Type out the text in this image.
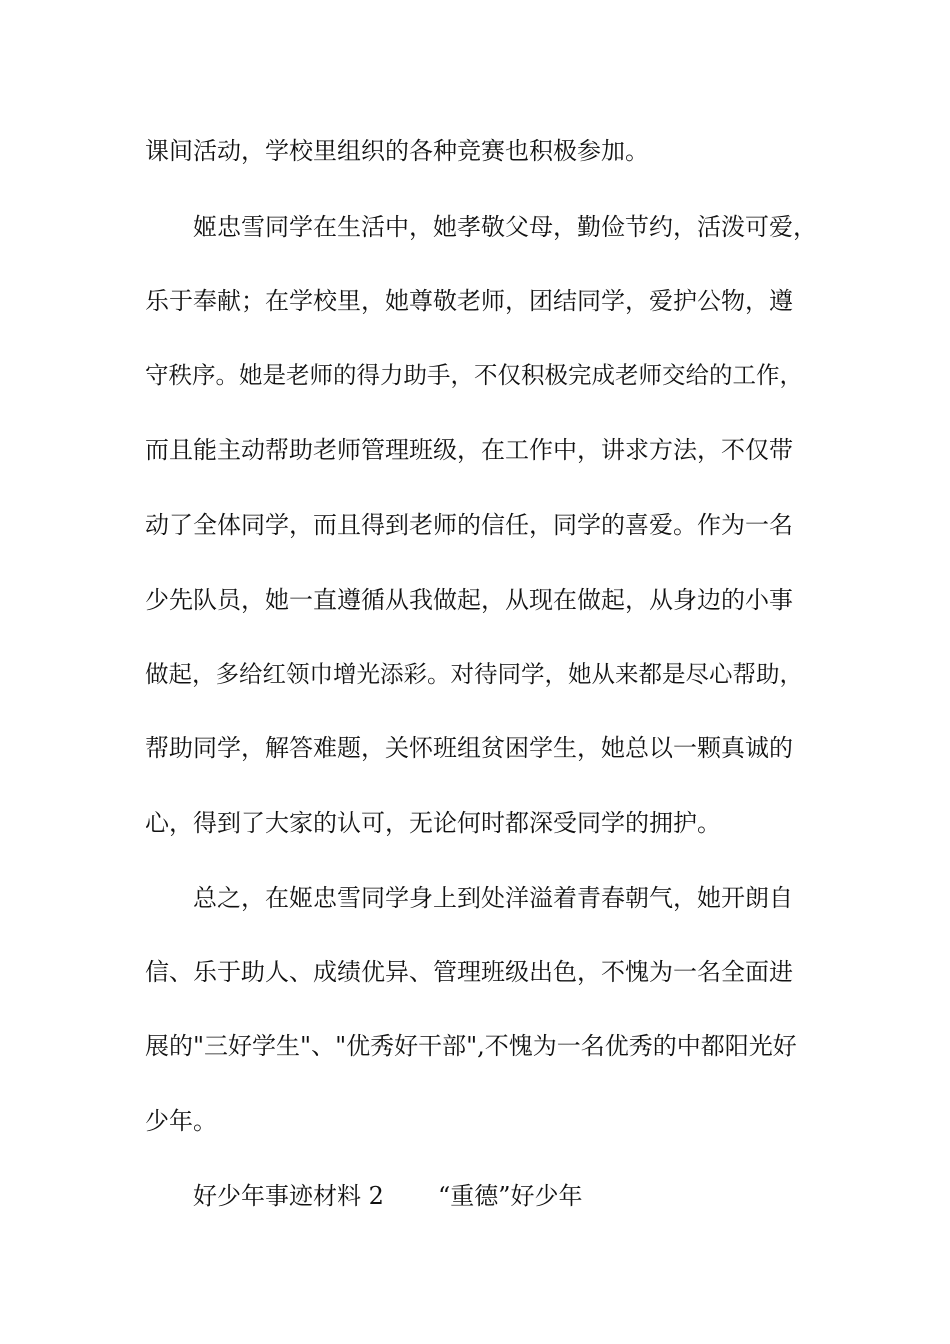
课间活动，学校里组织的各种竞赛也积极参加。
姬忠雪同学在生活中，她孝敬父母，勤俭节约，活泼可爱，
乐于奉献；在学校里，她尊敬老师，团结同学，爱护公物，遵
守秩序。她是老师的得力助手，不仅积极完成老师交给的工作，
而且能主动帮助老师管理班级，在工作中，讲求方法，不仅带
动了全体同学，而且得到老师的信任，同学的喜爱。作为一名
少先队员，她一直遵循从我做起，从现在做起，从身边的小事
做起，多给红领巾增光添彩。对待同学，她从来都是尽心帮助，
帮助同学，解答难题，关怀班组贫困学生，她总以一颗真诚的
心，得到了大家的认可，无论何时都深受同学的拥护。
总之，在姬忠雪同学身上到处洋溢着青春朝气，她开朗自
信、乐于助人、成绩优异、管理班级出色，不愧为一名全面进
展的"三好学生"、"优秀好干部",不愧为一名优秀的中都阳光好
少年。
好少年事迹材料 2	“重德”好少年
